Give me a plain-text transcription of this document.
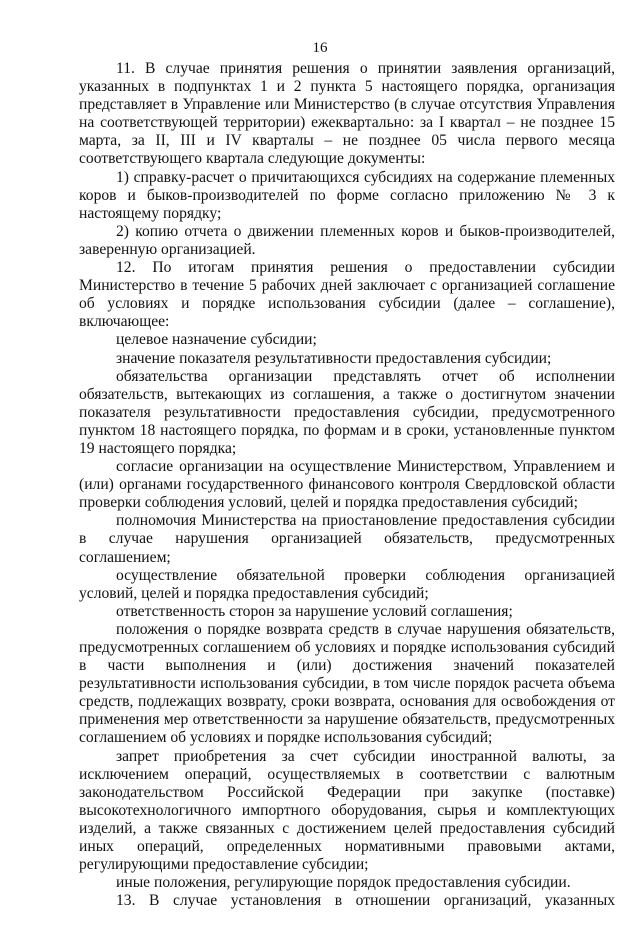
16

11. В случае принятия решения о принятии заявления организаций, указанных в подпунктах 1 и 2 пункта 5 настоящего порядка, организация представляет в Управление или Министерство (в случае отсутствия Управления на соответствующей территории) ежеквартально: за I квартал – не позднее 15 марта, за II, III и IV кварталы – не позднее 05 числа первого месяца соответствующего квартала следующие документы:

1) справку-расчет о причитающихся субсидиях на содержание племенных коров и быков-производителей по форме согласно приложению № 3 к настоящему порядку;

2) копию отчета о движении племенных коров и быков-производителей, заверенную организацией.

12. По итогам принятия решения о предоставлении субсидии Министерство в течение 5 рабочих дней заключает с организацией соглашение об условиях и порядке использования субсидии (далее – соглашение), включающее:

целевое назначение субсидии;

значение показателя результативности предоставления субсидии;

обязательства организации представлять отчет об исполнении обязательств, вытекающих из соглашения, а также о достигнутом значении показателя результативности предоставления субсидии, предусмотренного пунктом 18 настоящего порядка, по формам и в сроки, установленные пунктом 19 настоящего порядка;

согласие организации на осуществление Министерством, Управлением и (или) органами государственного финансового контроля Свердловской области проверки соблюдения условий, целей и порядка предоставления субсидий;

полномочия Министерства на приостановление предоставления субсидии в случае нарушения организацией обязательств, предусмотренных соглашением;

осуществление обязательной проверки соблюдения организацией условий, целей и порядка предоставления субсидий;

ответственность сторон за нарушение условий соглашения;

положения о порядке возврата средств в случае нарушения обязательств, предусмотренных соглашением об условиях и порядке использования субсидий в части выполнения и (или) достижения значений показателей результативности использования субсидии, в том числе порядок расчета объема средств, подлежащих возврату, сроки возврата, основания для освобождения от применения мер ответственности за нарушение обязательств, предусмотренных соглашением об условиях и порядке использования субсидий;

запрет приобретения за счет субсидии иностранной валюты, за исключением операций, осуществляемых в соответствии с валютным законодательством Российской Федерации при закупке (поставке) высокотехнологичного импортного оборудования, сырья и комплектующих изделий, а также связанных с достижением целей предоставления субсидий иных операций, определенных нормативными правовыми актами, регулирующими предоставление субсидии;

иные положения, регулирующие порядок предоставления субсидии.

13. В случае установления в отношении организаций, указанных
